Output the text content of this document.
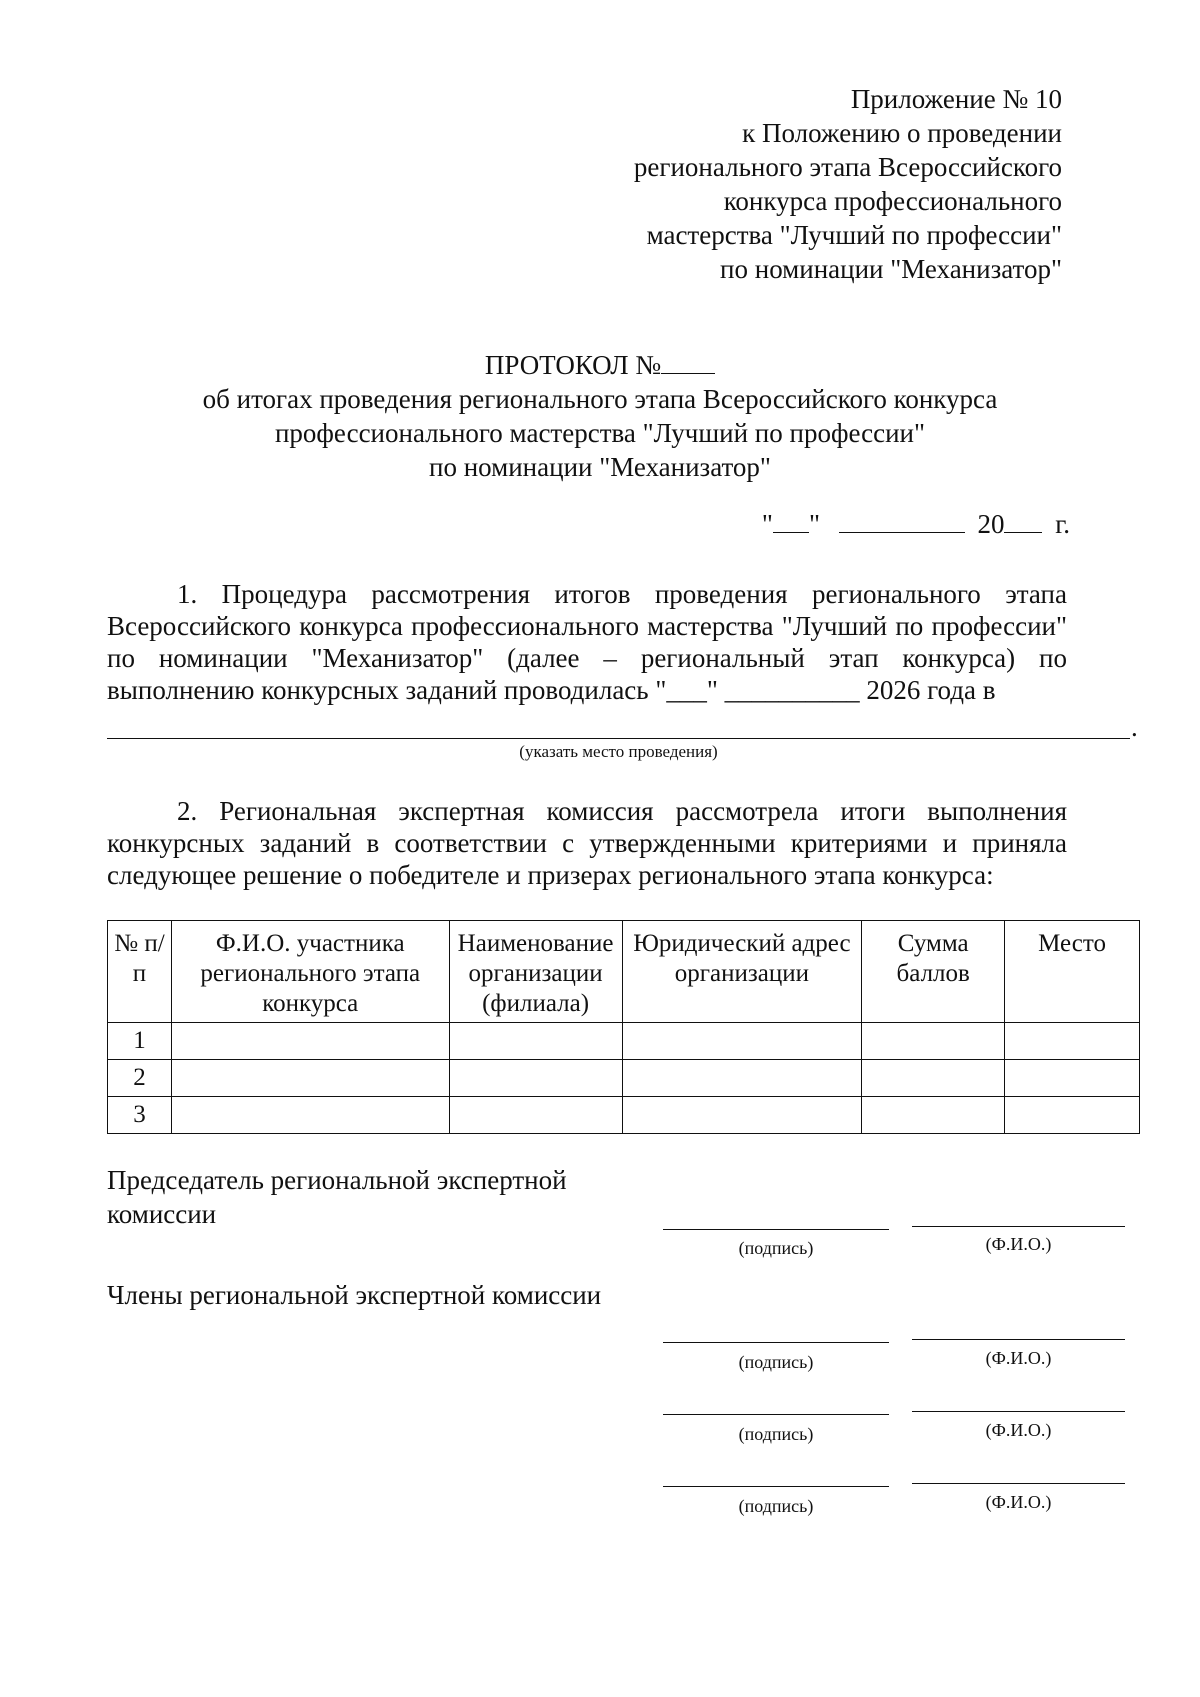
Приложение № 10
к Положению о проведении
регионального этапа Всероссийского
конкурса профессионального
мастерства "Лучший по профессии"
по номинации "Механизатор"
ПРОТОКОЛ №
об итогах проведения регионального этапа Всероссийского конкурса
профессионального мастерства "Лучший по профессии"
по номинации "Механизатор"
" "	20 г.
1. Процедура рассмотрения итогов проведения регионального этапа Всероссийского конкурса профессионального мастерства "Лучший по профессии" по номинации "Механизатор" (далее – региональный этап конкурса) по выполнению конкурсных заданий проводилась "___" __________ 2026 года в
.
(указать место проведения)
2. Региональная экспертная комиссия рассмотрела итоги выполнения конкурсных заданий в соответствии с утвержденными критериями и приняла следующее решение о победителе и призерах регионального этапа конкурса:
№ п/п	Ф.И.О. участника регионального этапа конкурса	Наименование организации (филиала)	Юридический адрес организации	Сумма баллов	Место
1					
2					
3					
Председатель региональной экспертной комиссии
(подпись)	(Ф.И.О.)
Члены региональной экспертной комиссии
(подпись)	(Ф.И.О.)
(подпись)	(Ф.И.О.)
(подпись)	(Ф.И.О.)
